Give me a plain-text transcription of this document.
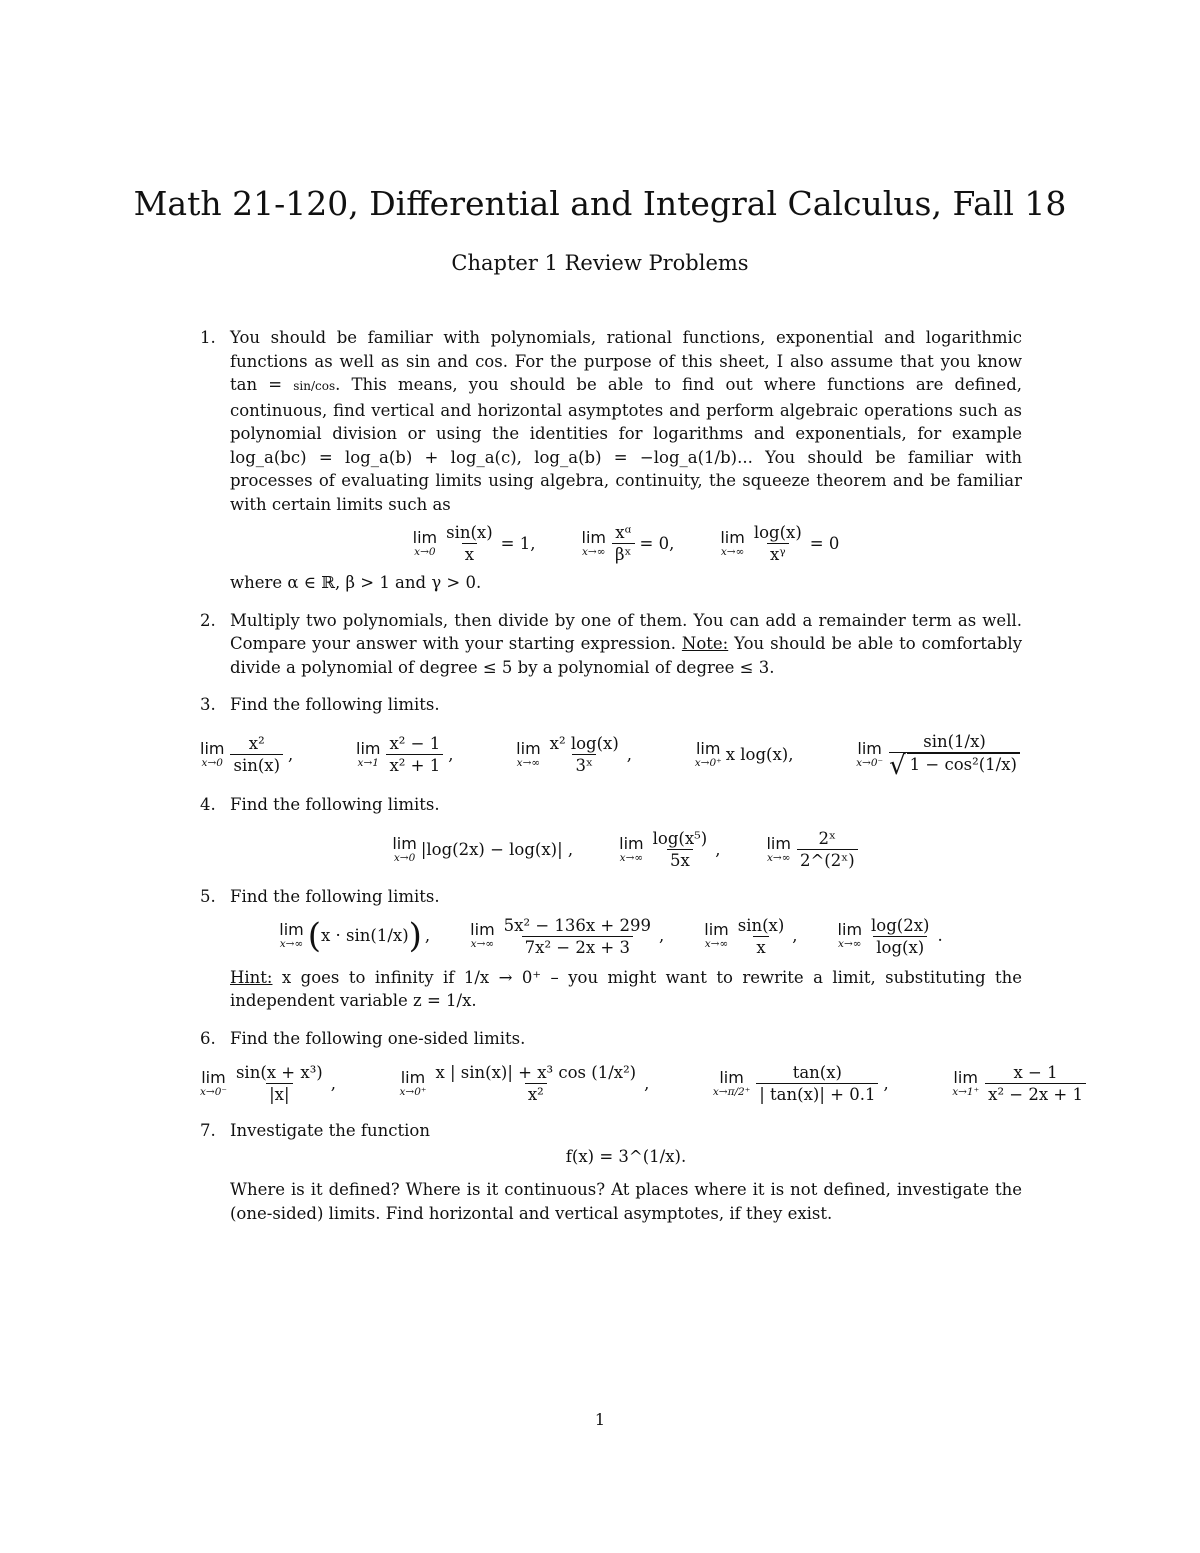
Math 21-120, Differential and Integral Calculus, Fall 18
Chapter 1 Review Problems
1. You should be familiar with polynomials, rational functions, exponential and logarithmic functions as well as sin and cos. For the purpose of this sheet, I also assume that you know tan = sin/cos. This means, you should be able to find out where functions are defined, continuous, find vertical and horizontal asymptotes and perform algebraic operations such as polynomial division or using the identities for logarithms and exponentials, for example log_a(bc) = log_a(b) + log_a(c), log_a(b) = −log_a(1/b)... You should be familiar with processes of evaluating limits using algebra, continuity, the squeeze theorem and be familiar with certain limits such as

lim
$x\to 0 \frac{\sin(x)}{x} = 1$,	lim
$x\to\infty \frac{\text{xᵅ}}{\text{βˣ}} = 0$,	lim
$x\to\infty \frac{\log(x)}{\text{xᵞ}} = 0$

where α ∈ ℝ, β > 1 and γ > 0.

2. Multiply two polynomials, then divide by one of them. You can add a remainder term as well. Compare your answer with your starting expression. Note: You should be able to comfortably divide a polynomial of degree ≤ 5 by a polynomial of degree ≤ 3.

3. Find the following limits.

lim
$x\to 0 \frac{\text{x²}}{\sin(x)}$ ,	lim
$x\to 1 \frac{\text{x² − 1}}{\text{x² + 1}}$ ,	lim
$x\to\infty \frac{\text{x² log(x)}}{\text{3ˣ}}$ ,	lim
x→0⁺ x log(x),	lim
$x\to 0^- \frac{\sin(1/x)}{\text{√ 1 − cos²(1/x)}}$
4. Find the following limits.

lim
x→0 |log(2x) − log(x)| ,	lim
$x\to\infty \frac{\text{log(x⁵)}}{5x}$ ,	lim
$x\to\infty \frac{\text{2ˣ}}{\text{2\textasciicircum{}(2ˣ)}}$
5. Find the following limits.

lim
x→∞ ( x · sin(1/x) ) ,	lim
$x\to\infty \frac{\text{5x² − 136x + 299}}{\text{7x² − 2x + 3}}$ ,	lim
$x\to\infty \frac{\sin(x)}{x}$ ,	lim
$x\to\infty \frac{\log(2x)}{\log(x)}$ .

Hint: x goes to infinity if 1/x → 0⁺ – you might want to rewrite a limit, substituting the independent variable z = 1/x.

6. Find the following one-sided limits.

lim
$x\to 0^- \frac{\text{sin(x + x³)}}{|x|}$ ,	lim
$x\to 0^+ \frac{\text{x | sin(x)| + x³ cos (1/x²)}}{\text{x²}}$ ,	lim
$x\to\pi/2^+ \frac{\tan(x)}{| \tan(x)| + 0.1}$ ,	lim
$x\to 1^+ \frac{x - 1}{\text{x² − 2x + 1}}$
7. Investigate the function

f(x) = 3^(1/x).

Where is it defined? Where is it continuous? At places where it is not defined, investigate the (one-sided) limits. Find horizontal and vertical asymptotes, if they exist.

1
